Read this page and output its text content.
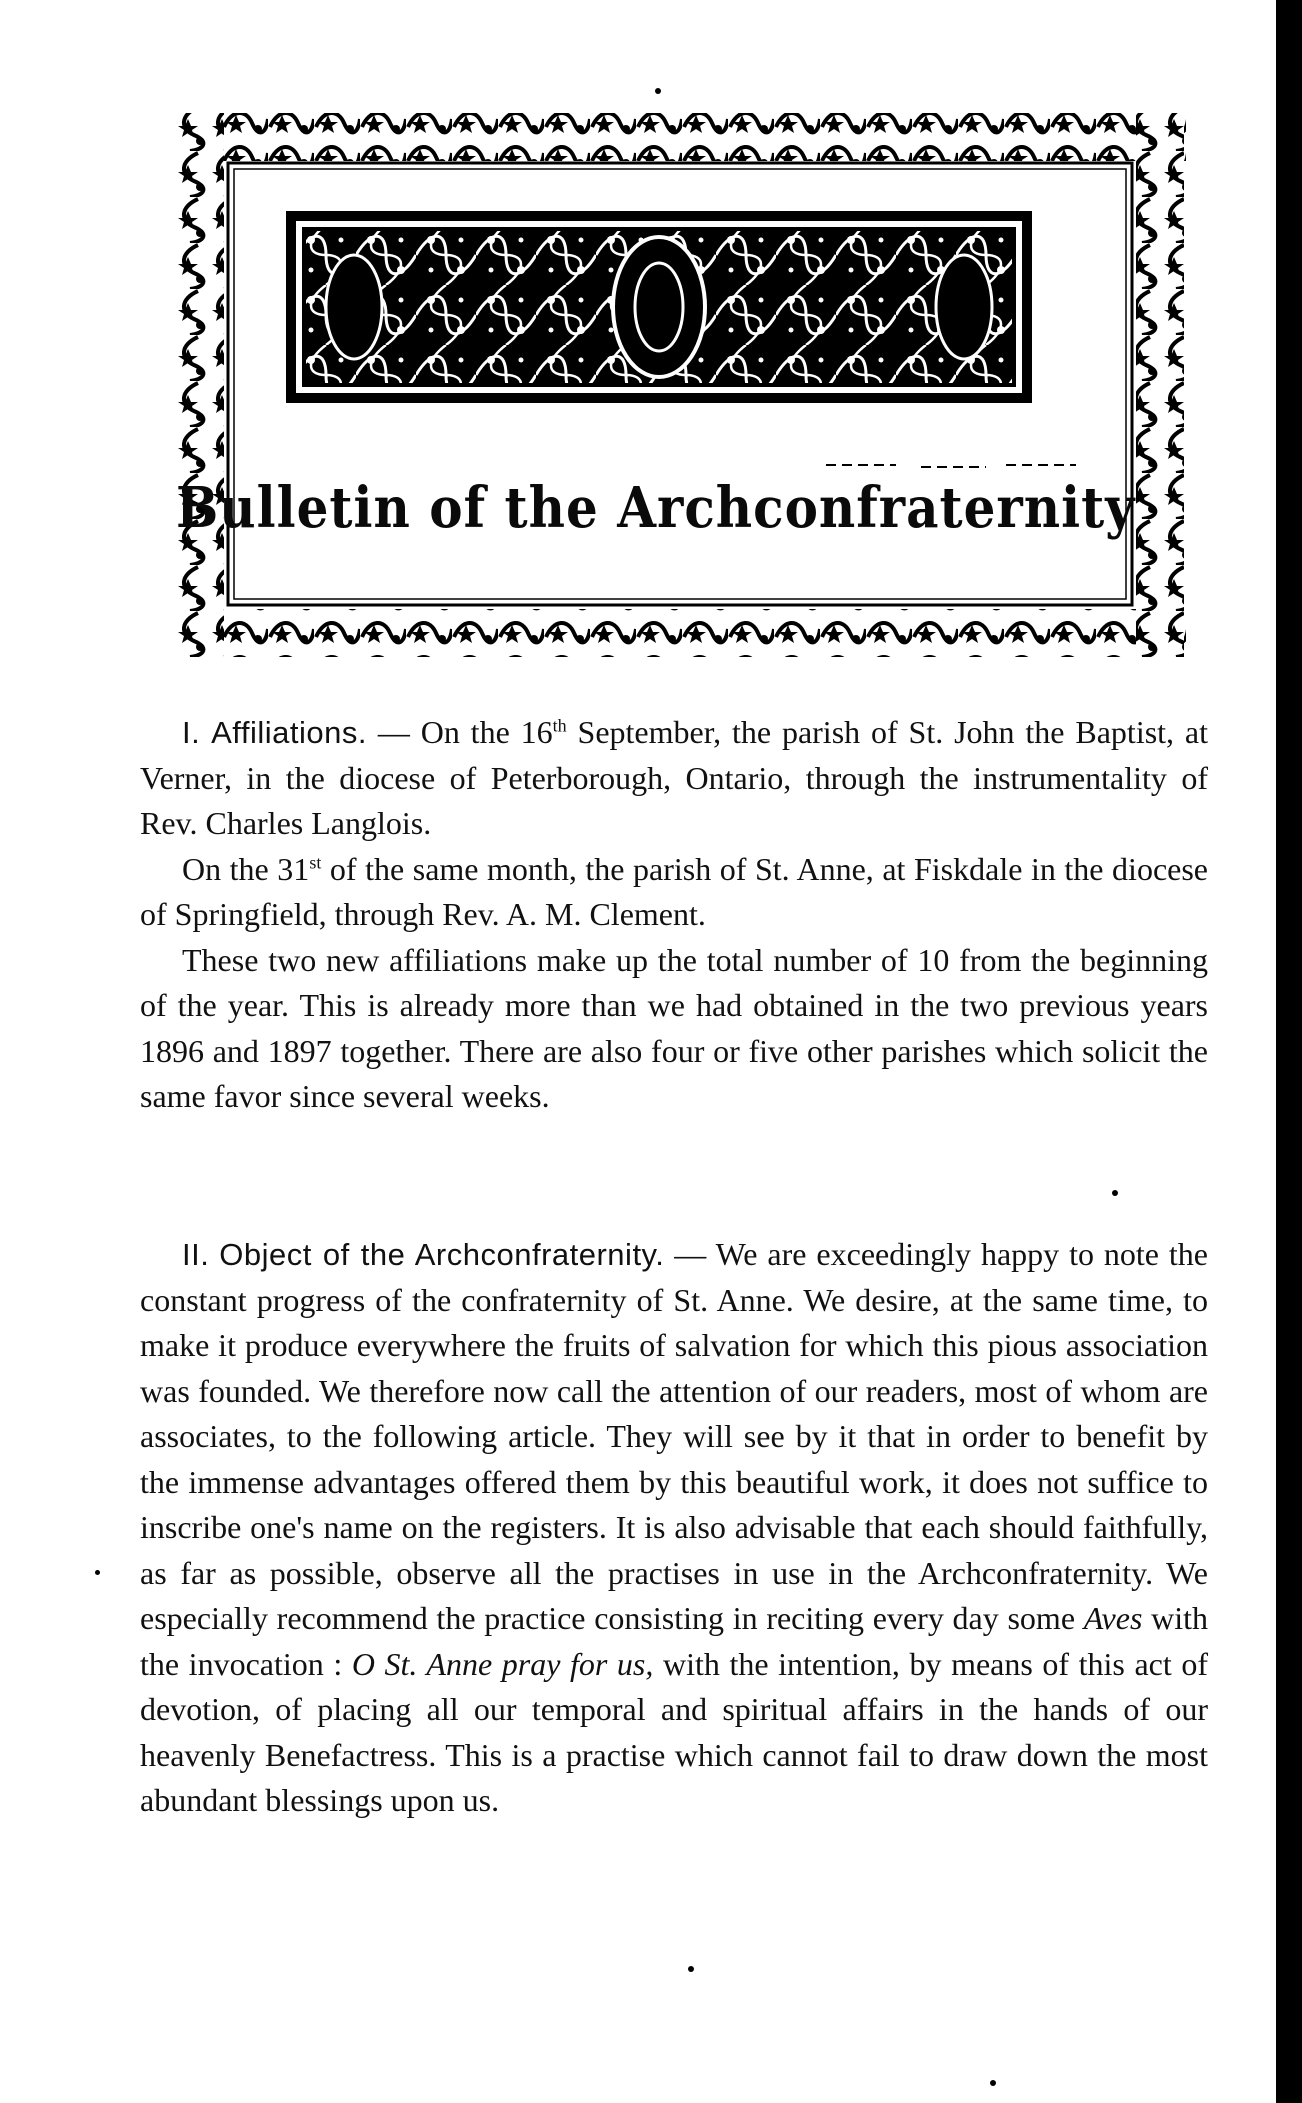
Bulletin of the Archconfraternity

I. Affiliations. — On the 16th September, the parish of St. John the Baptist, at Verner, in the diocese of Peterborough, Ontario, through the instrumentality of Rev. Charles Langlois.

On the 31st of the same month, the parish of St. Anne, at Fiskdale in the diocese of Springfield, through Rev. A. M. Clement.

These two new affiliations make up the total number of 10 from the beginning of the year. This is already more than we had obtained in the two previous years 1896 and 1897 together. There are also four or five other parishes which solicit the same favor since several weeks.

II. Object of the Archconfraternity. — We are exceedingly happy to note the constant progress of the confraternity of St. Anne. We desire, at the same time, to make it produce everywhere the fruits of salvation for which this pious association was founded. We therefore now call the attention of our readers, most of whom are associates, to the following article. They will see by it that in order to benefit by the immense advantages offered them by this beautiful work, it does not suffice to inscribe one's name on the registers. It is also advisable that each should faithfully, as far as possible, observe all the practises in use in the Archconfraternity. We especially recommend the practice consisting in reciting every day some Aves with the invocation : O St. Anne pray for us, with the intention, by means of this act of devotion, of placing all our temporal and spiritual affairs in the hands of our heavenly Benefactress. This is a practise which cannot fail to draw down the most abundant blessings upon us.
